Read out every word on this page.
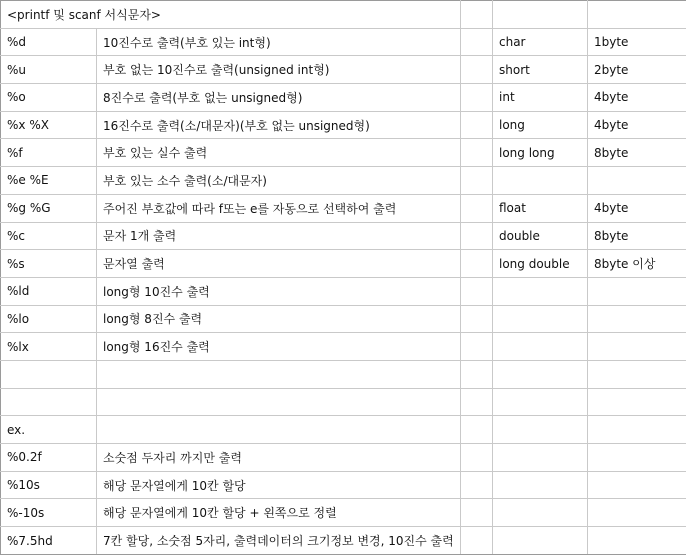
<printf 및 scanf 서식문자>				
%d	10진수로 출력(부호 있는 int형)		char	1byte
%u	부호 없는 10진수로 출력(unsigned int형)		short	2byte
%o	8진수로 출력(부호 없는 unsigned형)		int	4byte
%x %X	16진수로 출력(소/대문자)(부호 없는 unsigned형)		long	4byte
%f	부호 있는 실수 출력		long long	8byte
%e %E	부호 있는 소수 출력(소/대문자)			
%g %G	주어진 부호값에 따라 f또는 e를 자동으로 선택하여 출력		float	4byte
%c	문자 1개 출력		double	8byte
%s	문자열 출력		long double	8byte 이상
%ld	long형 10진수 출력			
%lo	long형 8진수 출력			
%lx	long형 16진수 출력			

ex.				
%0.2f	소숫점 두자리 까지만 출력			
%10s	해당 문자열에게 10칸 할당			
%-10s	해당 문자열에게 10칸 할당 + 왼쪽으로 정렬			
%7.5hd	7칸 할당, 소숫점 5자리, 출력데이터의 크기정보 변경, 10진수 출력			
